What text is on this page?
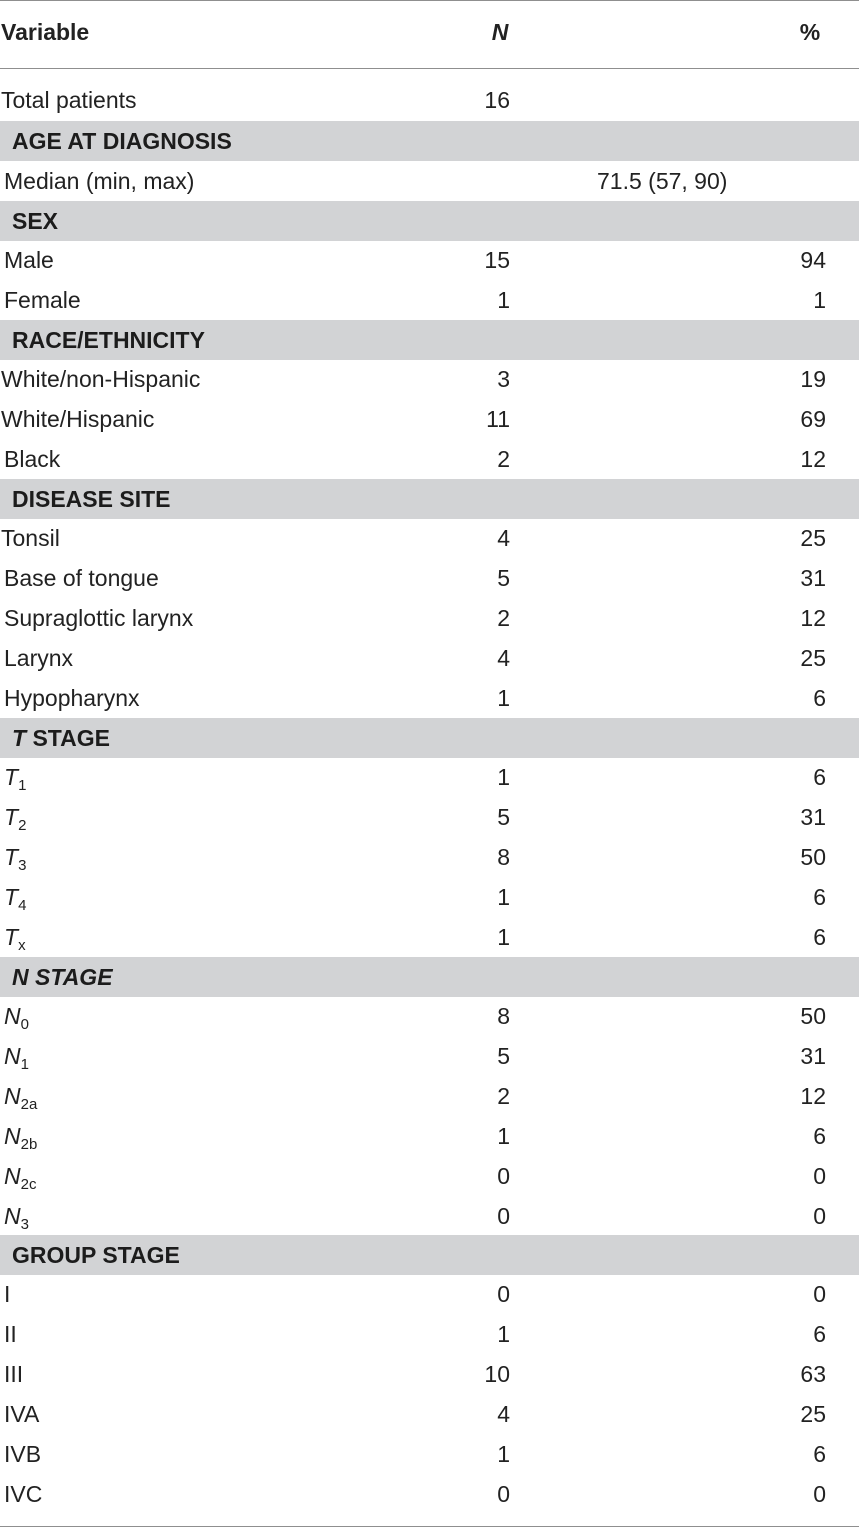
Variable	N	%
Total patients	16
AGE AT DIAGNOSIS
Median (min, max)	71.5 (57, 90)
SEX
Male	15	94
Female	1	1
RACE/ETHNICITY
White/non-Hispanic	3	19
White/Hispanic	11	69
Black	2	12
DISEASE SITE
Tonsil	4	25
Base of tongue	5	31
Supraglottic larynx	2	12
Larynx	4	25
Hypopharynx	1	6
T STAGE
$T_1$	1	6
$T_2$	5	31
$T_3$	8	50
$T_4$	1	6
$T_x$	1	6
N STAGE
$N_0$	8	50
$N_1$	5	31
$N_{2a}$	2	12
$N_{2b}$	1	6
$N_{2c}$	0	0
$N_3$	0	0
GROUP STAGE
I	0	0
II	1	6
III	10	63
IVA	4	25
IVB	1	6
IVC	0	0
